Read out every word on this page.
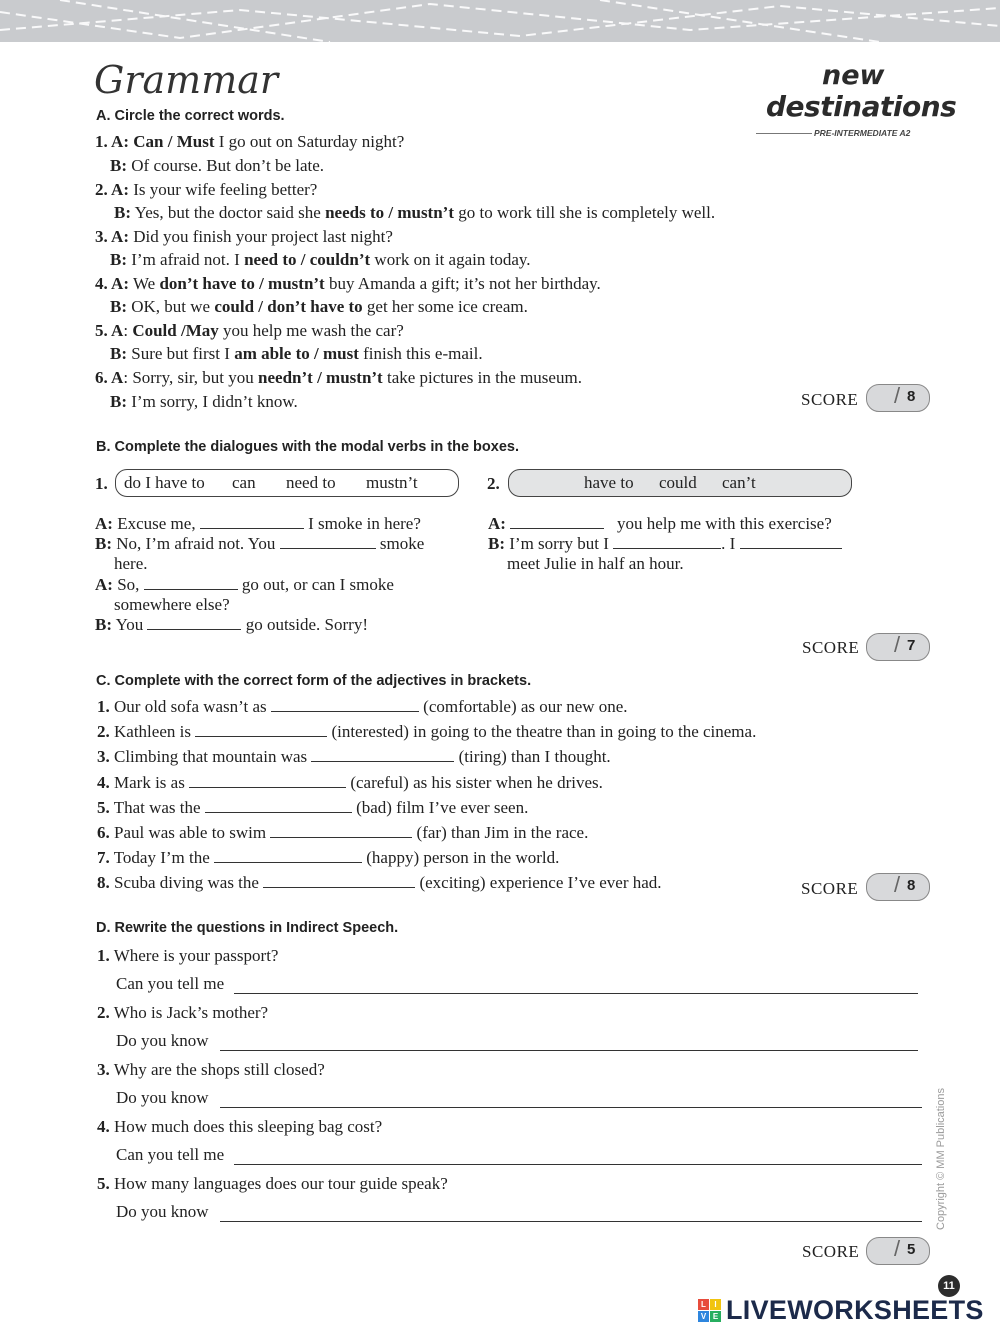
Grammar	new
destinations
PRE-INTERMEDIATE A2
A. Circle the correct words.
1. A: Can / Must I go out on Saturday night?
B: Of course. But don’t be late.
2. A: Is your wife feeling better?
B: Yes, but the doctor said she needs to / mustn’t go to work till she is completely well.
3. A: Did you finish your project last night?
B: I’m afraid not. I need to / couldn’t work on it again today.
4. A: We don’t have to / mustn’t buy Amanda a gift; it’s not her birthday.
B: OK, but we could / don’t have to get her some ice cream.
5. A: Could /May you help me wash the car?
B: Sure but first I am able to / must finish this e-mail.
6. A: Sorry, sir, but you needn’t / mustn’t take pictures in the museum.
B: I’m sorry, I didn’t know.	SCORE / 8
B. Complete the dialogues with the modal verbs in the boxes.
1. do I have to can need to mustn’t	2.	have to could can’t
A: Excuse me,	I smoke in here?
B: No, I’m afraid not. You	smoke
here.
A: So,	go out, or can I smoke
somewhere else?
B: You	go outside. Sorry!
A:	you help me with this exercise?
B: I’m sorry but I	. I
meet Julie in half an hour.
SCORE / 7
C. Complete with the correct form of the adjectives in brackets.
1. Our old sofa wasn’t as	(comfortable) as our new one.
2. Kathleen is	(interested) in going to the theatre than in going to the cinema.
3. Climbing that mountain was	(tiring) than I thought.
4. Mark is as	(careful) as his sister when he drives.
5. That was the	(bad) film I’ve ever seen.
6. Paul was able to swim	(far) than Jim in the race.
7. Today I’m the	(happy) person in the world.
8. Scuba diving was the	(exciting) experience I’ve ever had.	SCORE / 8
D. Rewrite the questions in Indirect Speech.
1. Where is your passport?
Can you tell me
2. Who is Jack’s mother?
Do you know
3. Why are the shops still closed?
Do you know
4. How much does this sleeping bag cost?
Can you tell me
5. How many languages does our tour guide speak?
Do you know
SCORE / 5
Copyright © MM Publications
11
L	I
V E LIVEWORKSHEETS
